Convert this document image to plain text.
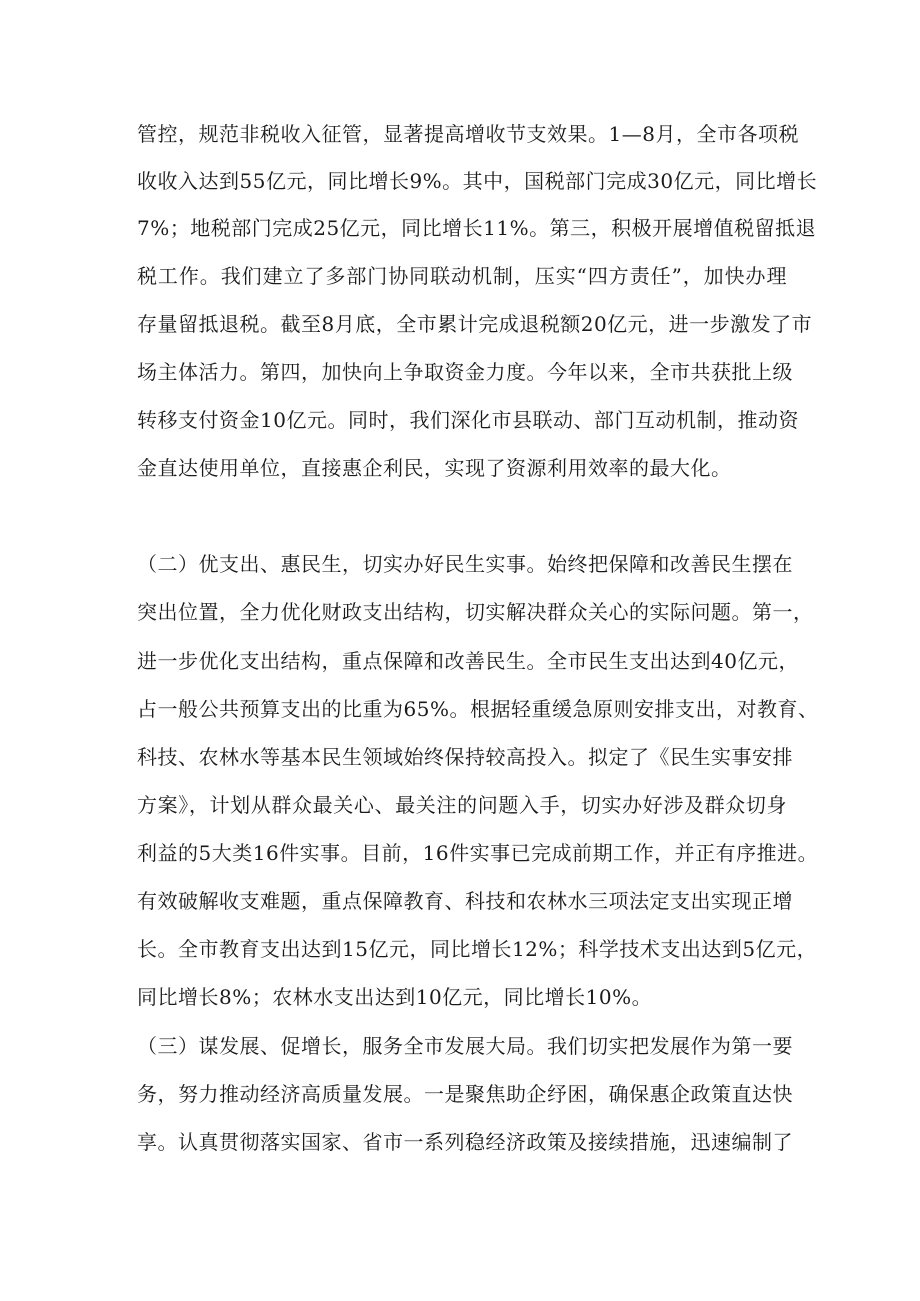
管控，规范非税收入征管，显著提高增收节支效果。1—8月，全市各项税
收收入达到55亿元，同比增长9%。其中，国税部门完成30亿元，同比增长
7%；地税部门完成25亿元，同比增长11%。第三，积极开展增值税留抵退
税工作。我们建立了多部门协同联动机制，压实“四方责任”，加快办理
存量留抵退税。截至8月底，全市累计完成退税额20亿元，进一步激发了市
场主体活力。第四，加快向上争取资金力度。今年以来，全市共获批上级
转移支付资金10亿元。同时，我们深化市县联动、部门互动机制，推动资
金直达使用单位，直接惠企利民，实现了资源利用效率的最大化。
（二）优支出、惠民生，切实办好民生实事。始终把保障和改善民生摆在
突出位置，全力优化财政支出结构，切实解决群众关心的实际问题。第一，
进一步优化支出结构，重点保障和改善民生。全市民生支出达到40亿元，
占一般公共预算支出的比重为65%。根据轻重缓急原则安排支出，对教育、
科技、农林水等基本民生领域始终保持较高投入。拟定了《民生实事安排
方案》，计划从群众最关心、最关注的问题入手，切实办好涉及群众切身
利益的5大类16件实事。目前，16件实事已完成前期工作，并正有序推进。
有效破解收支难题，重点保障教育、科技和农林水三项法定支出实现正增
长。全市教育支出达到15亿元，同比增长12%；科学技术支出达到5亿元，
同比增长8%；农林水支出达到10亿元，同比增长10%。
（三）谋发展、促增长，服务全市发展大局。我们切实把发展作为第一要
务，努力推动经济高质量发展。一是聚焦助企纾困，确保惠企政策直达快
享。认真贯彻落实国家、省市一系列稳经济政策及接续措施，迅速编制了
